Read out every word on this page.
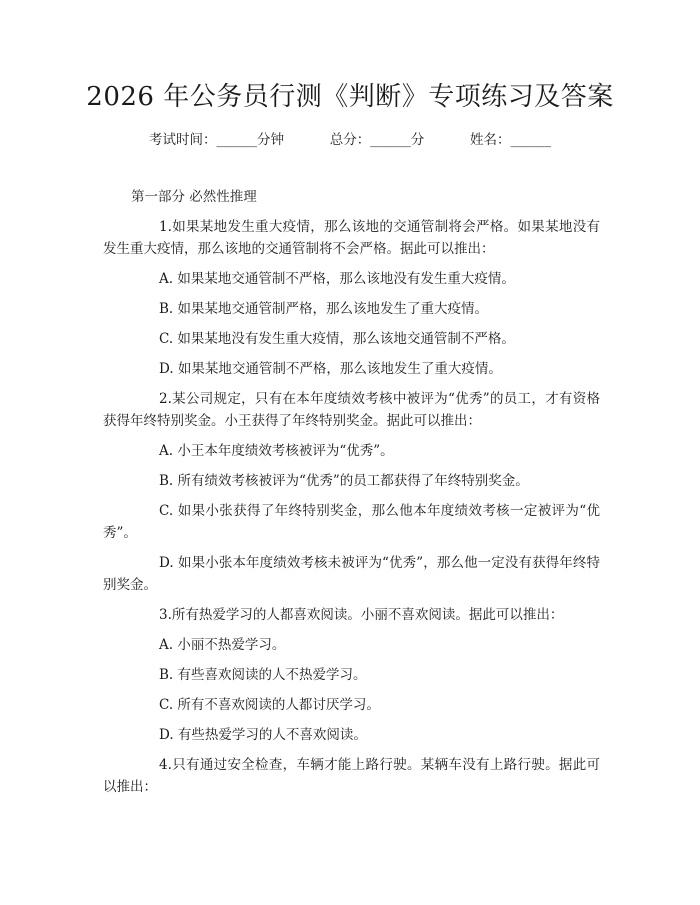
2026 年公务员行测《判断》专项练习及答案
考试时间：______分钟	总分：______分	姓名：______
第一部分 必然性推理
1.如果某地发生重大疫情，那么该地的交通管制将会严格。如果某地没有发生重大疫情，那么该地的交通管制将不会严格。据此可以推出：
A. 如果某地交通管制不严格，那么该地没有发生重大疫情。
B. 如果某地交通管制严格，那么该地发生了重大疫情。
C. 如果某地没有发生重大疫情，那么该地交通管制不严格。
D. 如果某地交通管制不严格，那么该地发生了重大疫情。
2.某公司规定，只有在本年度绩效考核中被评为“优秀”的员工，才有资格获得年终特别奖金。小王获得了年终特别奖金。据此可以推出：
A. 小王本年度绩效考核被评为“优秀”。
B. 所有绩效考核被评为“优秀”的员工都获得了年终特别奖金。
C. 如果小张获得了年终特别奖金，那么他本年度绩效考核一定被评为“优秀”。
D. 如果小张本年度绩效考核未被评为“优秀”，那么他一定没有获得年终特别奖金。
3.所有热爱学习的人都喜欢阅读。小丽不喜欢阅读。据此可以推出：
A. 小丽不热爱学习。
B. 有些喜欢阅读的人不热爱学习。
C. 所有不喜欢阅读的人都讨厌学习。
D. 有些热爱学习的人不喜欢阅读。
4.只有通过安全检查，车辆才能上路行驶。某辆车没有上路行驶。据此可以推出：
